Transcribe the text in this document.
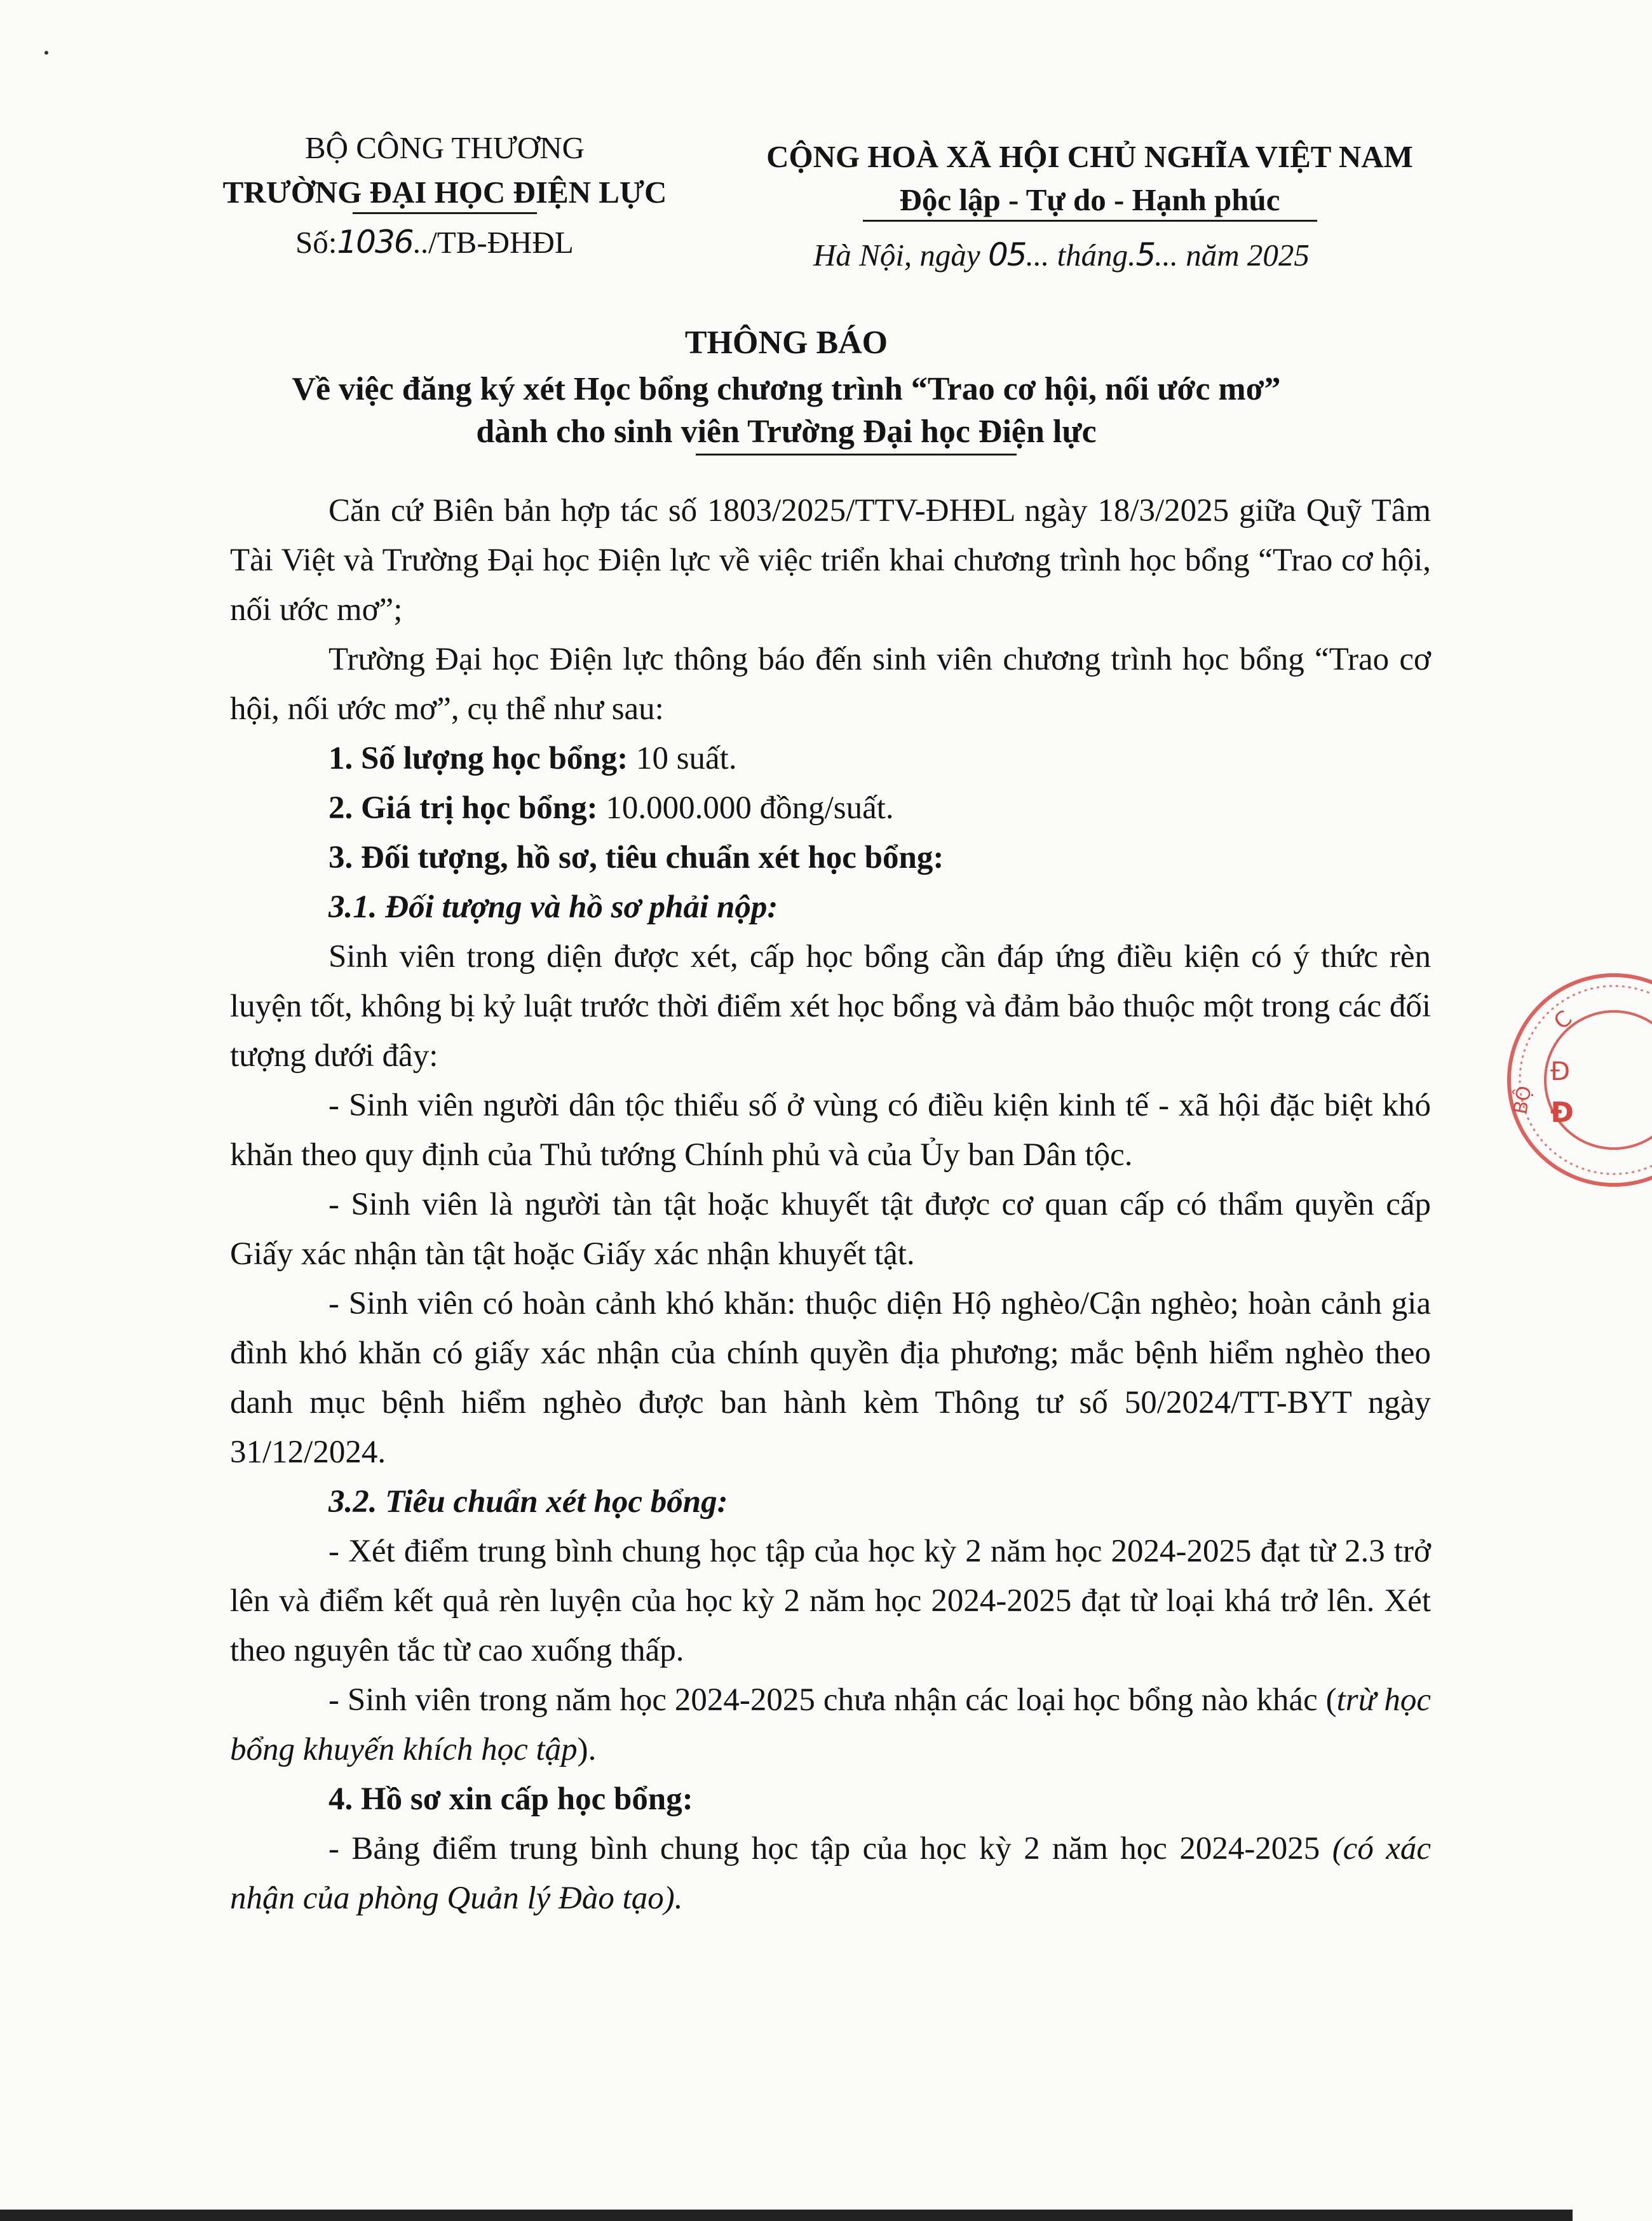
BỘ CÔNG THƯƠNG
TRƯỜNG ĐẠI HỌC ĐIỆN LỰC
Số:1036../TB-ĐHĐL
CỘNG HOÀ XÃ HỘI CHỦ NGHĨA VIỆT NAM
Độc lập - Tự do - Hạnh phúc
Hà Nội, ngày 05... tháng.5... năm 2025
THÔNG BÁO
Về việc đăng ký xét Học bổng chương trình “Trao cơ hội, nối ước mơ”
dành cho sinh viên Trường Đại học Điện lực

Căn cứ Biên bản hợp tác số 1803/2025/TTV-ĐHĐL ngày 18/3/2025 giữa Quỹ Tâm Tài Việt và Trường Đại học Điện lực về việc triển khai chương trình học bổng “Trao cơ hội, nối ước mơ”;

Trường Đại học Điện lực thông báo đến sinh viên chương trình học bổng “Trao cơ hội, nối ước mơ”, cụ thể như sau:

1. Số lượng học bổng: 10 suất.

2. Giá trị học bổng: 10.000.000 đồng/suất.

3. Đối tượng, hồ sơ, tiêu chuẩn xét học bổng:

3.1. Đối tượng và hồ sơ phải nộp:

Sinh viên trong diện được xét, cấp học bổng cần đáp ứng điều kiện có ý thức rèn luyện tốt, không bị kỷ luật trước thời điểm xét học bổng và đảm bảo thuộc một trong các đối tượng dưới đây:

- Sinh viên người dân tộc thiểu số ở vùng có điều kiện kinh tế - xã hội đặc biệt khó khăn theo quy định của Thủ tướng Chính phủ và của Ủy ban Dân tộc.

- Sinh viên là người tàn tật hoặc khuyết tật được cơ quan cấp có thẩm quyền cấp Giấy xác nhận tàn tật hoặc Giấy xác nhận khuyết tật.

- Sinh viên có hoàn cảnh khó khăn: thuộc diện Hộ nghèo/Cận nghèo; hoàn cảnh gia đình khó khăn có giấy xác nhận của chính quyền địa phương; mắc bệnh hiểm nghèo theo danh mục bệnh hiểm nghèo được ban hành kèm Thông tư số 50/2024/TT-BYT ngày 31/12/2024.

3.2. Tiêu chuẩn xét học bổng:

- Xét điểm trung bình chung học tập của học kỳ 2 năm học 2024-2025 đạt từ 2.3 trở lên và điểm kết quả rèn luyện của học kỳ 2 năm học 2024-2025 đạt từ loại khá trở lên. Xét theo nguyên tắc từ cao xuống thấp.

- Sinh viên trong năm học 2024-2025 chưa nhận các loại học bổng nào khác (trừ học bổng khuyến khích học tập).

4. Hồ sơ xin cấp học bổng:

- Bảng điểm trung bình chung học tập của học kỳ 2 năm học 2024-2025 (có xác nhận của phòng Quản lý Đào tạo).

C
BỘ
Đ
Đ
